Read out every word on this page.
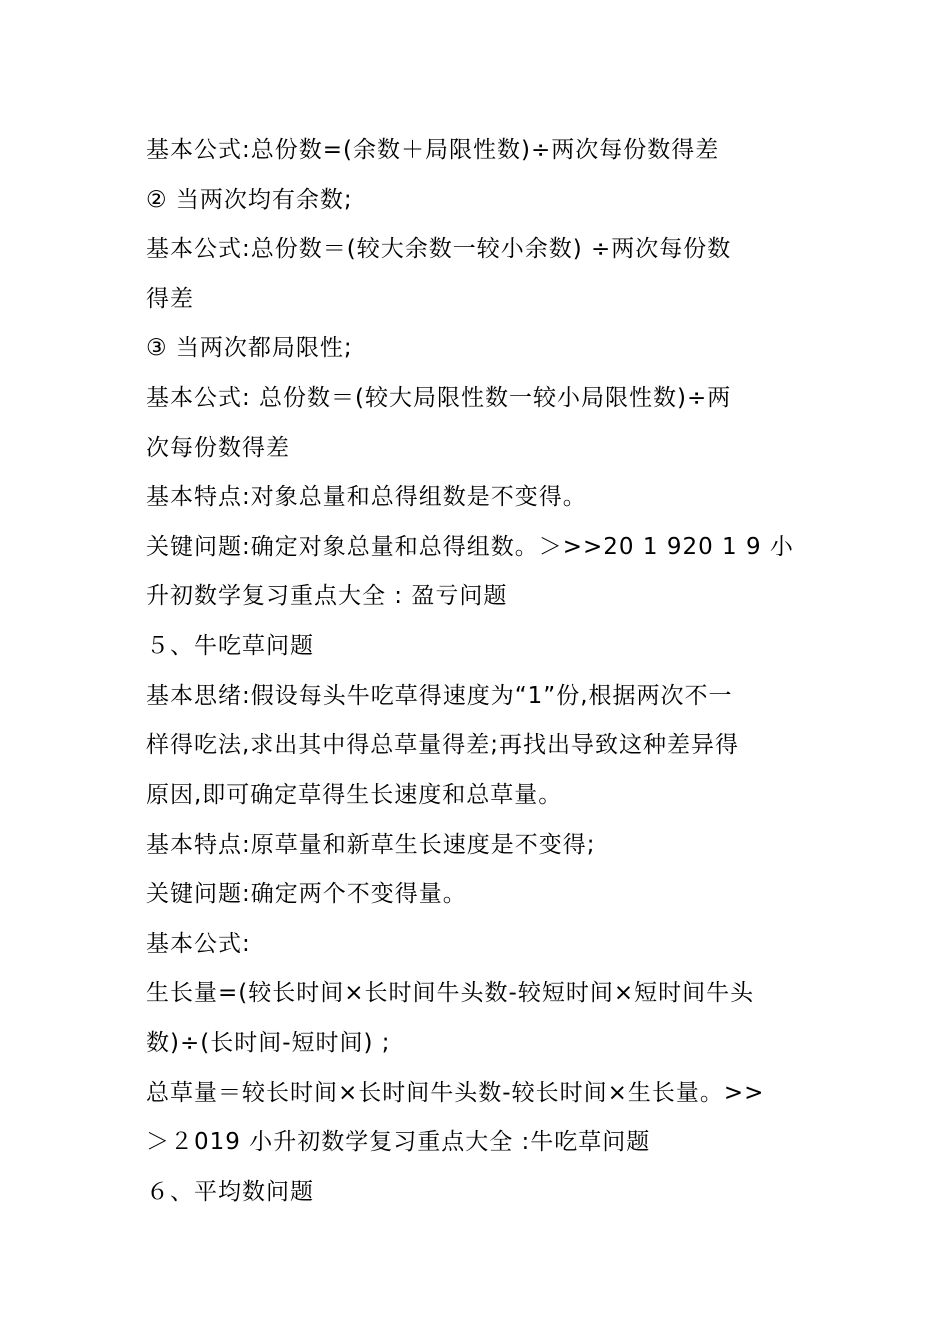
基本公式:总份数=(余数＋局限性数)÷两次每份数得差
② 当两次均有余数;
基本公式:总份数＝(较大余数一较小余数) ÷两次每份数
得差
③ 当两次都局限性;
基本公式: 总份数＝(较大局限性数一较小局限性数)÷两
次每份数得差
基本特点:对象总量和总得组数是不变得。
关键问题:确定对象总量和总得组数。＞>>20 1 920 1 9 小
升初数学复习重点大全 : 盈亏问题
５、牛吃草问题
基本思绪:假设每头牛吃草得速度为“1”份,根据两次不一
样得吃法,求出其中得总草量得差;再找出导致这种差异得
原因,即可确定草得生长速度和总草量。
基本特点:原草量和新草生长速度是不变得;
关键问题:确定两个不变得量。
基本公式:
生长量=(较长时间×长时间牛头数-较短时间×短时间牛头
数)÷(长时间-短时间) ;
总草量＝较长时间×长时间牛头数-较长时间×生长量。>>
＞２019 小升初数学复习重点大全 :牛吃草问题
６、平均数问题
